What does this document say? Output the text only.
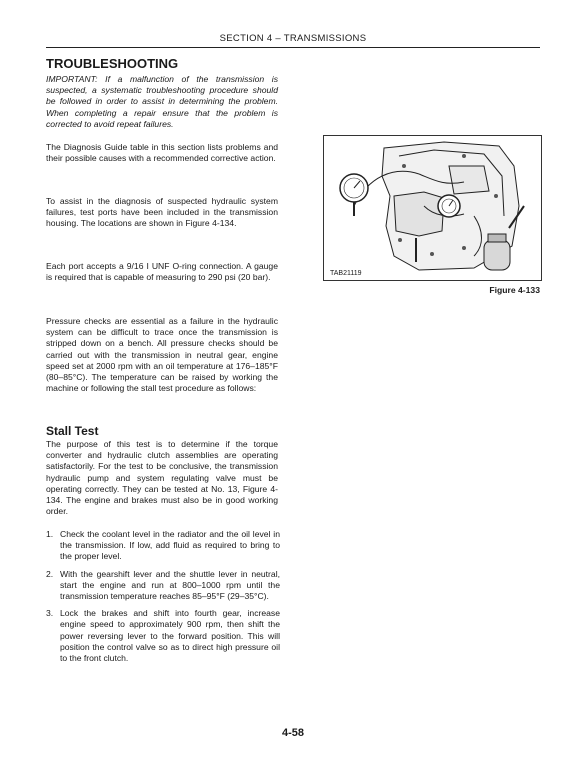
SECTION 4 – TRANSMISSIONS
TROUBLESHOOTING

IMPORTANT: If a malfunction of the transmission is suspected, a systematic troubleshooting procedure should be followed in order to assist in determining the problem. When completing a repair ensure that the problem is corrected to avoid repeat failures.

The Diagnosis Guide table in this section lists problems and their possible causes with a recommended corrective action.

To assist in the diagnosis of suspected hydraulic system failures, test ports have been included in the transmission housing. The locations are shown in Figure 4-134.

Each port accepts a 9/16 I UNF O-ring connection. A gauge is required that is capable of measuring to 290 psi (20 bar).

Pressure checks are essential as a failure in the hydraulic system can be difficult to trace once the transmission is stripped down on a bench. All pressure checks should be carried out with the transmission in neutral gear, engine speed set at 2000 rpm with an oil temperature at 176–185°F (80–85°C). The temperature can be raised by working the machine or following the stall test procedure as follows:

Stall Test

The purpose of this test is to determine if the torque converter and hydraulic clutch assemblies are operating satisfactorily. For the test to be conclusive, the transmission hydraulic pump and system regulating valve must be operating correctly. They can be tested at No. 13, Figure 4-134. The engine and brakes must also be in good working order.

1. Check the coolant level in the radiator and the oil level in the transmission. If low, add fluid as required to bring to the proper level.
2. With the gearshift lever and the shuttle lever in neutral, start the engine and run at 800–1000 rpm until the transmission temperature reaches 85–95°F (29–35°C).
3. Lock the brakes and shift into fourth gear, increase engine speed to approximately 900 rpm, then shift the power reversing lever to the forward position. This will position the control valve so as to direct high pressure oil to the front clutch.
TAB21119
Figure 4-133
4-58
